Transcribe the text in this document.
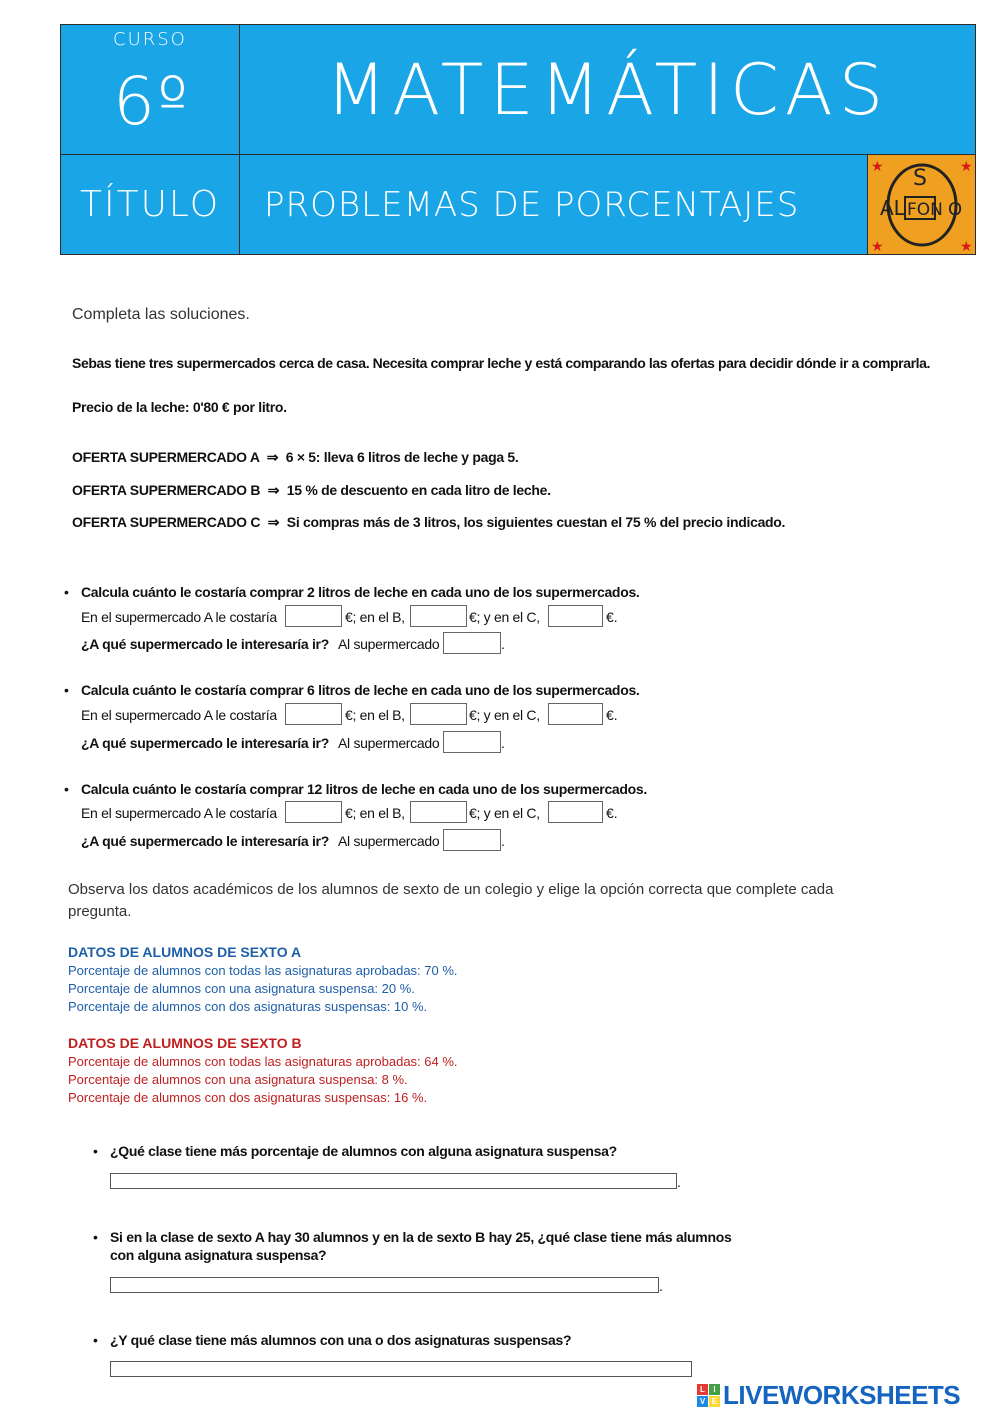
CURSO
6º MATEMÁTICAS
TÍTULO PROBLEMAS DE PORCENTAJES
★	★
★	★
S
AL FON O
Completa las soluciones.
Sebas tiene tres supermercados cerca de casa. Necesita comprar leche y está comparando las ofertas para decidir dónde ir a comprarla.
Precio de la leche: 0'80 € por litro.
OFERTA SUPERMERCADO A ⇒ 6 × 5: lleva 6 litros de leche y paga 5.
OFERTA SUPERMERCADO B ⇒ 15 % de descuento en cada litro de leche.
OFERTA SUPERMERCADO C ⇒ Si compras más de 3 litros, los siguientes cuestan el 75 % del precio indicado.
• Calcula cuánto le costaría comprar 2 litros de leche en cada uno de los supermercados.
En el supermercado A le costaría	€; en el B,	€; y en el C,	€.
¿A qué supermercado le interesaría ir? Al supermercado	.
• Calcula cuánto le costaría comprar 6 litros de leche en cada uno de los supermercados.
En el supermercado A le costaría	€; en el B,	€; y en el C,	€.
¿A qué supermercado le interesaría ir? Al supermercado	.
• Calcula cuánto le costaría comprar 12 litros de leche en cada uno de los supermercados.
En el supermercado A le costaría	€; en el B,	€; y en el C,	€.
¿A qué supermercado le interesaría ir? Al supermercado	.
Observa los datos académicos de los alumnos de sexto de un colegio y elige la opción correcta que complete cada
pregunta.
DATOS DE ALUMNOS DE SEXTO A
Porcentaje de alumnos con todas las asignaturas aprobadas: 70 %.
Porcentaje de alumnos con una asignatura suspensa: 20 %.
Porcentaje de alumnos con dos asignaturas suspensas: 10 %.
DATOS DE ALUMNOS DE SEXTO B
Porcentaje de alumnos con todas las asignaturas aprobadas: 64 %.
Porcentaje de alumnos con una asignatura suspensa: 8 %.
Porcentaje de alumnos con dos asignaturas suspensas: 16 %.
• ¿Qué clase tiene más porcentaje de alumnos con alguna asignatura suspensa?
.
• Si en la clase de sexto A hay 30 alumnos y en la de sexto B hay 25, ¿qué clase tiene más alumnos
con alguna asignatura suspensa?
.
• ¿Y qué clase tiene más alumnos con una o dos asignaturas suspensas?
L	I
V E LIVEWORKSHEETS
